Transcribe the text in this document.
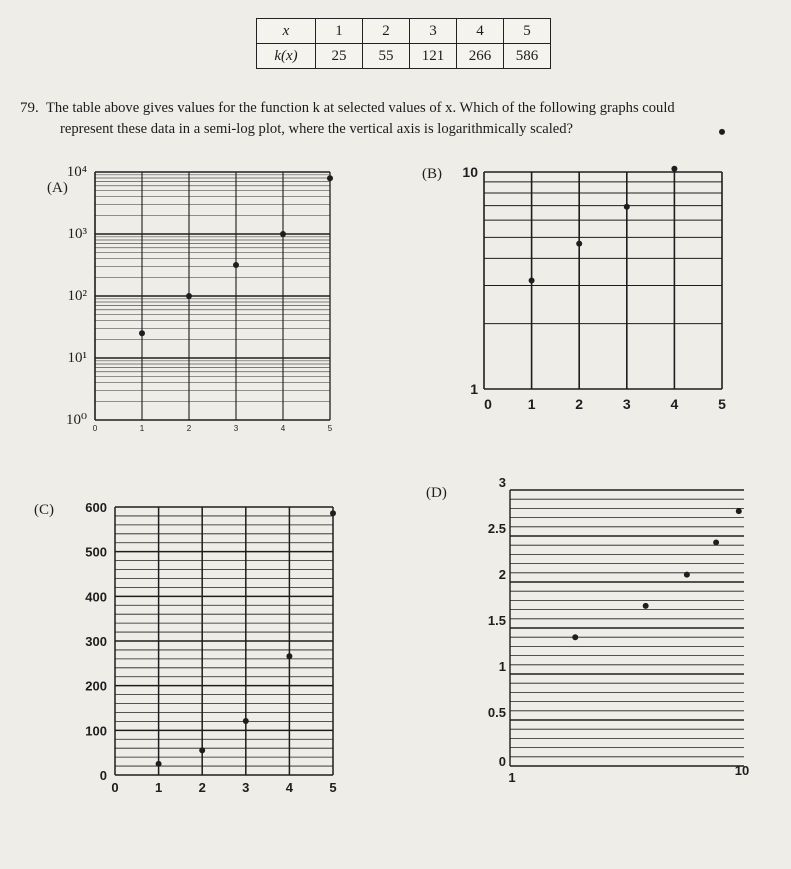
x	1	2	3	4	5
k(x)	25	55	121	266	586
79. The table above gives values for the function k at selected values of x. Which of the following graphs could
represent these data in a semi-log plot, where the vertical axis is logarithmically scaled?
(A)
10⁰
10¹
10²
10³
10⁴
0	1	2	3	4	5
(B) 10
1
0	1	2	3	4	5
(C)
0
100
200
300
400
500
600
0	1	2	3	4	5
(D)
0
0.5
1
1.5
2
2.5
3
1	10
